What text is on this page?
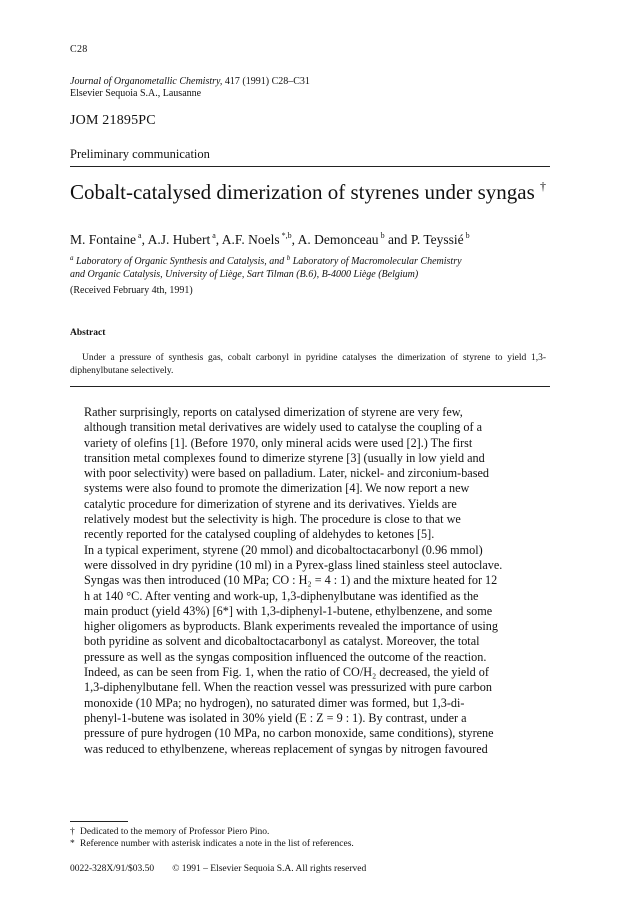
C28
Journal of Organometallic Chemistry, 417 (1991) C28–C31
Elsevier Sequoia S.A., Lausanne
JOM 21895PC
Preliminary communication
Cobalt-catalysed dimerization of styrenes under syngas †
M. Fontaine $^a$, A.J. Hubert $^a$, A.F. Noels $^{*,b}$, A. Demonceau $^b$ and P. Teyssié $^b$
$^a$ Laboratory of Organic Synthesis and Catalysis, and $^b$ Laboratory of Macromolecular Chemistry
and Organic Catalysis, University of Liège, Sart Tilman (B.6), B-4000 Liège (Belgium)
(Received February 4th, 1991)
Abstract
Under a pressure of synthesis gas, cobalt carbonyl in pyridine catalyses the dimerization of styrene to yield 1,3-diphenylbutane selectively.

Rather surprisingly, reports on catalysed dimerization of styrene are very few,
although transition metal derivatives are widely used to catalyse the coupling of a
variety of olefins [1]. (Before 1970, only mineral acids were used [2].) The first
transition metal complexes found to dimerize styrene [3] (usually in low yield and
with poor selectivity) were based on palladium. Later, nickel- and zirconium-based
systems were also found to promote the dimerization [4]. We now report a new
catalytic procedure for dimerization of styrene and its derivatives. Yields are
relatively modest but the selectivity is high. The procedure is close to that we
recently reported for the catalysed coupling of aldehydes to ketones [5].

In a typical experiment, styrene (20 mmol) and dicobaltoctacarbonyl (0.96 mmol)
were dissolved in dry pyridine (10 ml) in a Pyrex-glass lined stainless steel autoclave.
Syngas was then introduced (10 MPa; CO : H₂ = 4 : 1) and the mixture heated for 12
h at 140 °C. After venting and work-up, 1,3-diphenylbutane was identified as the
main product (yield 43%) [6*] with 1,3-diphenyl-1-butene, ethylbenzene, and some
higher oligomers as byproducts. Blank experiments revealed the importance of using
both pyridine as solvent and dicobaltoctacarbonyl as catalyst. Moreover, the total
pressure as well as the syngas composition influenced the outcome of the reaction.
Indeed, as can be seen from Fig. 1, when the ratio of CO/H₂ decreased, the yield of
1,3-diphenylbutane fell. When the reaction vessel was pressurized with pure carbon
monoxide (10 MPa; no hydrogen), no saturated dimer was formed, but 1,3-di-
phenyl-1-butene was isolated in 30% yield (E : Z = 9 : 1). By contrast, under a
pressure of pure hydrogen (10 MPa, no carbon monoxide, same conditions), styrene
was reduced to ethylbenzene, whereas replacement of syngas by nitrogen favoured

† Dedicated to the memory of Professor Piero Pino.
* Reference number with asterisk indicates a note in the list of references.
0022-328X/91/$03.50 © 1991 – Elsevier Sequoia S.A. All rights reserved
